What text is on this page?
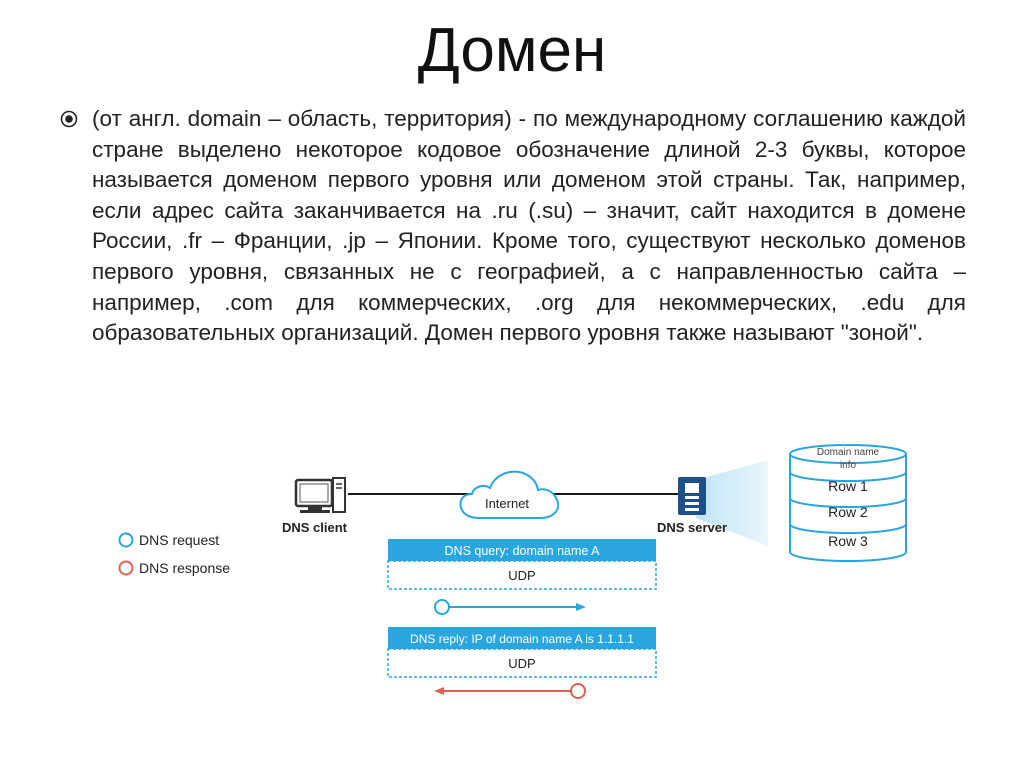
Домен
(от англ. domain – область, территория) - по международному соглашению каждой стране выделено некоторое кодовое обозначение длиной 2-3 буквы, которое называется доменом первого уровня или доменом этой страны. Так, например, если адрес сайта заканчивается на .ru (.su) – значит, сайт находится в домене России, .fr – Франции, .jp – Японии. Кроме того, существуют несколько доменов первого уровня, связанных не с географией, а с направленностью сайта – например, .com для коммерческих, .org для некоммерческих, .edu для образовательных организаций. Домен первого уровня также называют "зоной".
DNS client
Internet
DNS server
Domain name
info
Row 1
Row 2
Row 3
DNS request
DNS response
DNS query: domain name A
UDP
DNS reply: IP of domain name A is 1.1.1.1
UDP
